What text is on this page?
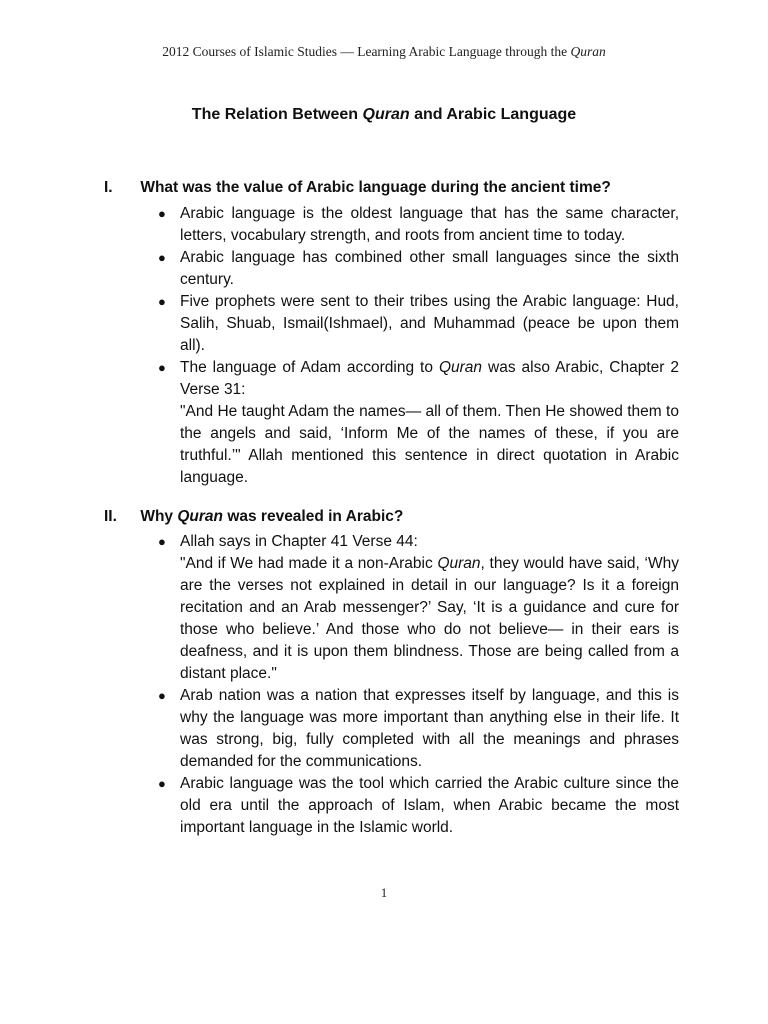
2012 Courses of Islamic Studies — Learning Arabic Language through the Quran
The Relation Between Quran and Arabic Language
I. What was the value of Arabic language during the ancient time?
● Arabic language is the oldest language that has the same character, letters, vocabulary strength, and roots from ancient time to today.
● Arabic language has combined other small languages since the sixth century.
● Five prophets were sent to their tribes using the Arabic language: Hud, Salih, Shuab, Ismail(Ishmael), and Muhammad (peace be upon them all).
● The language of Adam according to Quran was also Arabic, Chapter 2 Verse 31:
"And He taught Adam the names— all of them. Then He showed them to the angels and said, ‘Inform Me of the names of these, if you are truthful.’" Allah mentioned this sentence in direct quotation in Arabic language.
II. Why Quran was revealed in Arabic?
● Allah says in Chapter 41 Verse 44:
"And if We had made it a non-Arabic Quran, they would have said, ‘Why are the verses not explained in detail in our language? Is it a foreign recitation and an Arab messenger?’ Say, ‘It is a guidance and cure for those who believe.’ And those who do not believe— in their ears is deafness, and it is upon them blindness. Those are being called from a distant place."
● Arab nation was a nation that expresses itself by language, and this is why the language was more important than anything else in their life. It was strong, big, fully completed with all the meanings and phrases demanded for the communications.
● Arabic language was the tool which carried the Arabic culture since the old era until the approach of Islam, when Arabic became the most important language in the Islamic world.
1
